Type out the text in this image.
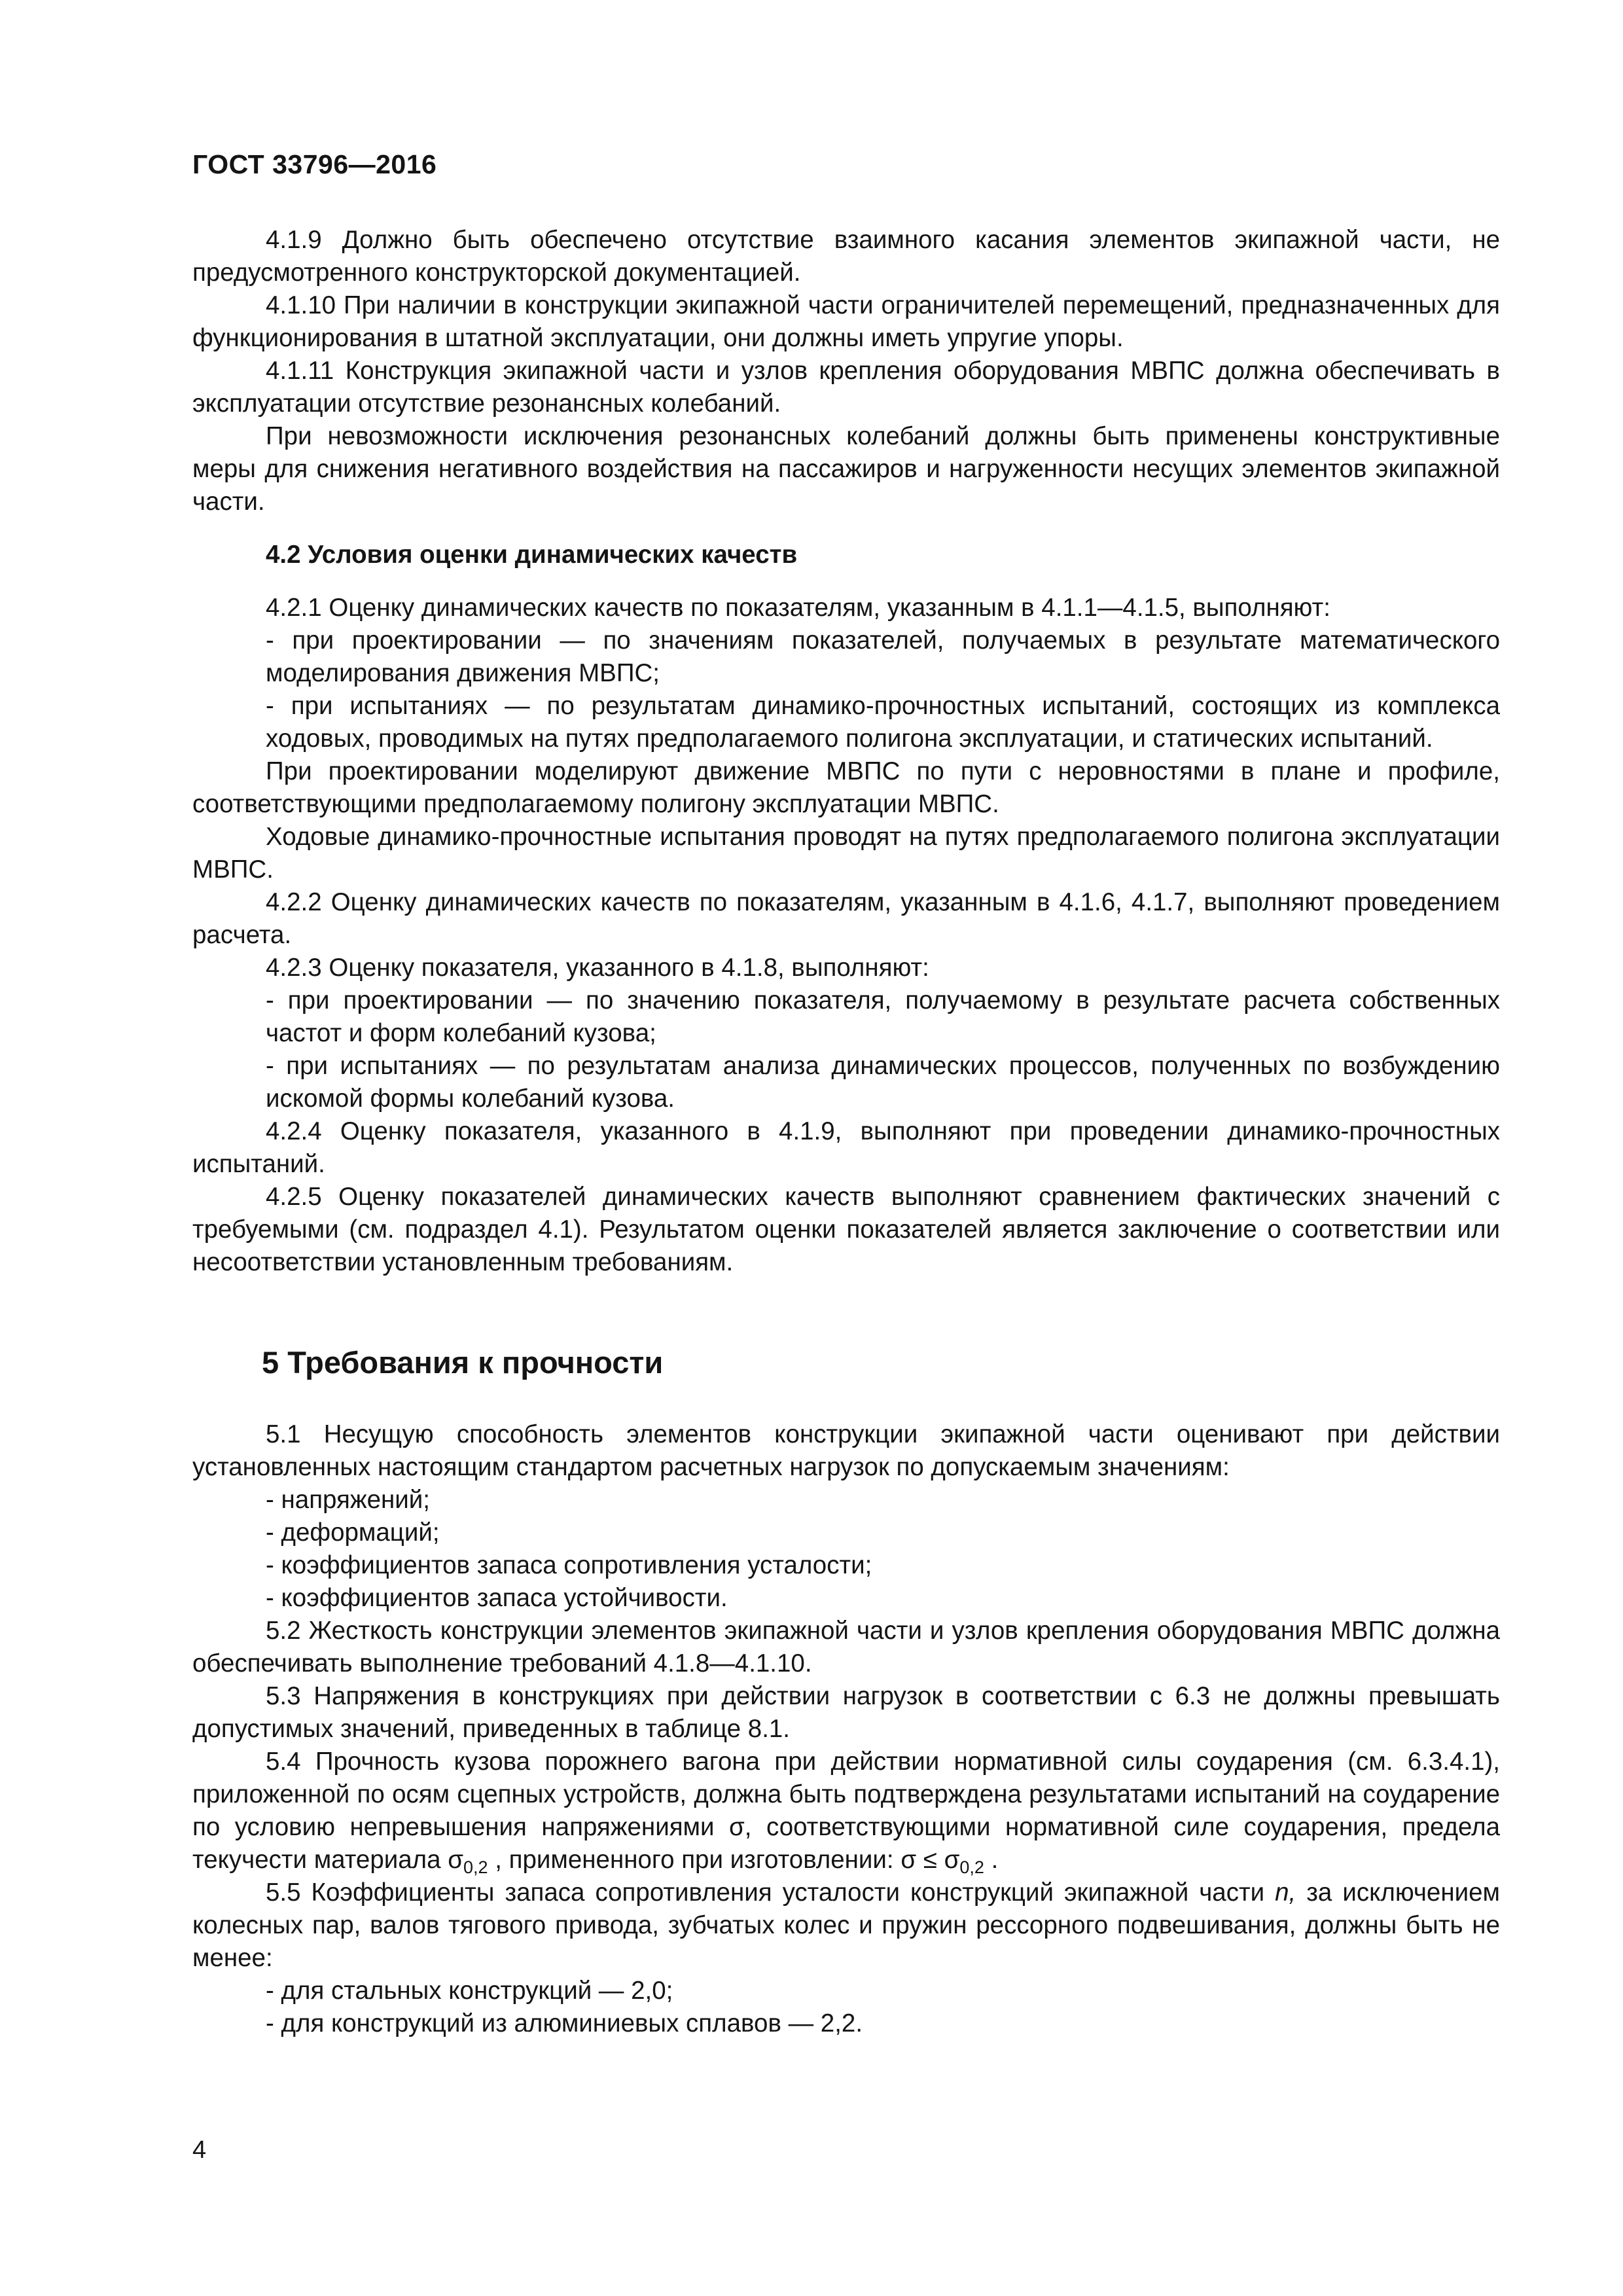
ГОСТ 33796—2016

4.1.9 Должно быть обеспечено отсутствие взаимного касания элементов экипажной части, не предусмотренного конструкторской документацией.

4.1.10 При наличии в конструкции экипажной части ограничителей перемещений, предназначенных для функционирования в штатной эксплуатации, они должны иметь упругие упоры.

4.1.11 Конструкция экипажной части и узлов крепления оборудования МВПС должна обеспечивать в эксплуатации отсутствие резонансных колебаний.

При невозможности исключения резонансных колебаний должны быть применены конструктивные меры для снижения негативного воздействия на пассажиров и нагруженности несущих элементов экипажной части.

4.2 Условия оценки динамических качеств

4.2.1 Оценку динамических качеств по показателям, указанным в 4.1.1—4.1.5, выполняют:

- при проектировании — по значениям показателей, получаемых в результате математического моделирования движения МВПС;

- при испытаниях — по результатам динамико-прочностных испытаний, состоящих из комплекса ходовых, проводимых на путях предполагаемого полигона эксплуатации, и статических испытаний.

При проектировании моделируют движение МВПС по пути с неровностями в плане и профиле, соответствующими предполагаемому полигону эксплуатации МВПС.

Ходовые динамико-прочностные испытания проводят на путях предполагаемого полигона эксплуатации МВПС.

4.2.2 Оценку динамических качеств по показателям, указанным в 4.1.6, 4.1.7, выполняют проведением расчета.

4.2.3 Оценку показателя, указанного в 4.1.8, выполняют:

- при проектировании — по значению показателя, получаемому в результате расчета собственных частот и форм колебаний кузова;

- при испытаниях — по результатам анализа динамических процессов, полученных по возбуждению искомой формы колебаний кузова.

4.2.4 Оценку показателя, указанного в 4.1.9, выполняют при проведении динамико-прочностных испытаний.

4.2.5 Оценку показателей динамических качеств выполняют сравнением фактических значений с требуемыми (см. подраздел 4.1). Результатом оценки показателей является заключение о соответствии или несоответствии установленным требованиям.

5 Требования к прочности

5.1 Несущую способность элементов конструкции экипажной части оценивают при действии установленных настоящим стандартом расчетных нагрузок по допускаемым значениям:

- напряжений;

- деформаций;

- коэффициентов запаса сопротивления усталости;

- коэффициентов запаса устойчивости.

5.2 Жесткость конструкции элементов экипажной части и узлов крепления оборудования МВПС должна обеспечивать выполнение требований 4.1.8—4.1.10.

5.3 Напряжения в конструкциях при действии нагрузок в соответствии с 6.3 не должны превышать допустимых значений, приведенных в таблице 8.1.

5.4 Прочность кузова порожнего вагона при действии нормативной силы соударения (см. 6.3.4.1), приложенной по осям сцепных устройств, должна быть подтверждена результатами испытаний на соударение по условию непревышения напряжениями σ, соответствующими нормативной силе соударения, предела текучести материала $\sigma_{0,2}$ , примененного при изготовлении: $\sigma \le \sigma_{0,2}$ .

5.5 Коэффициенты запаса сопротивления усталости конструкций экипажной части n, за исключением колесных пар, валов тягового привода, зубчатых колес и пружин рессорного подвешивания, должны быть не менее:

- для стальных конструкций — 2,0;

- для конструкций из алюминиевых сплавов — 2,2.

4
